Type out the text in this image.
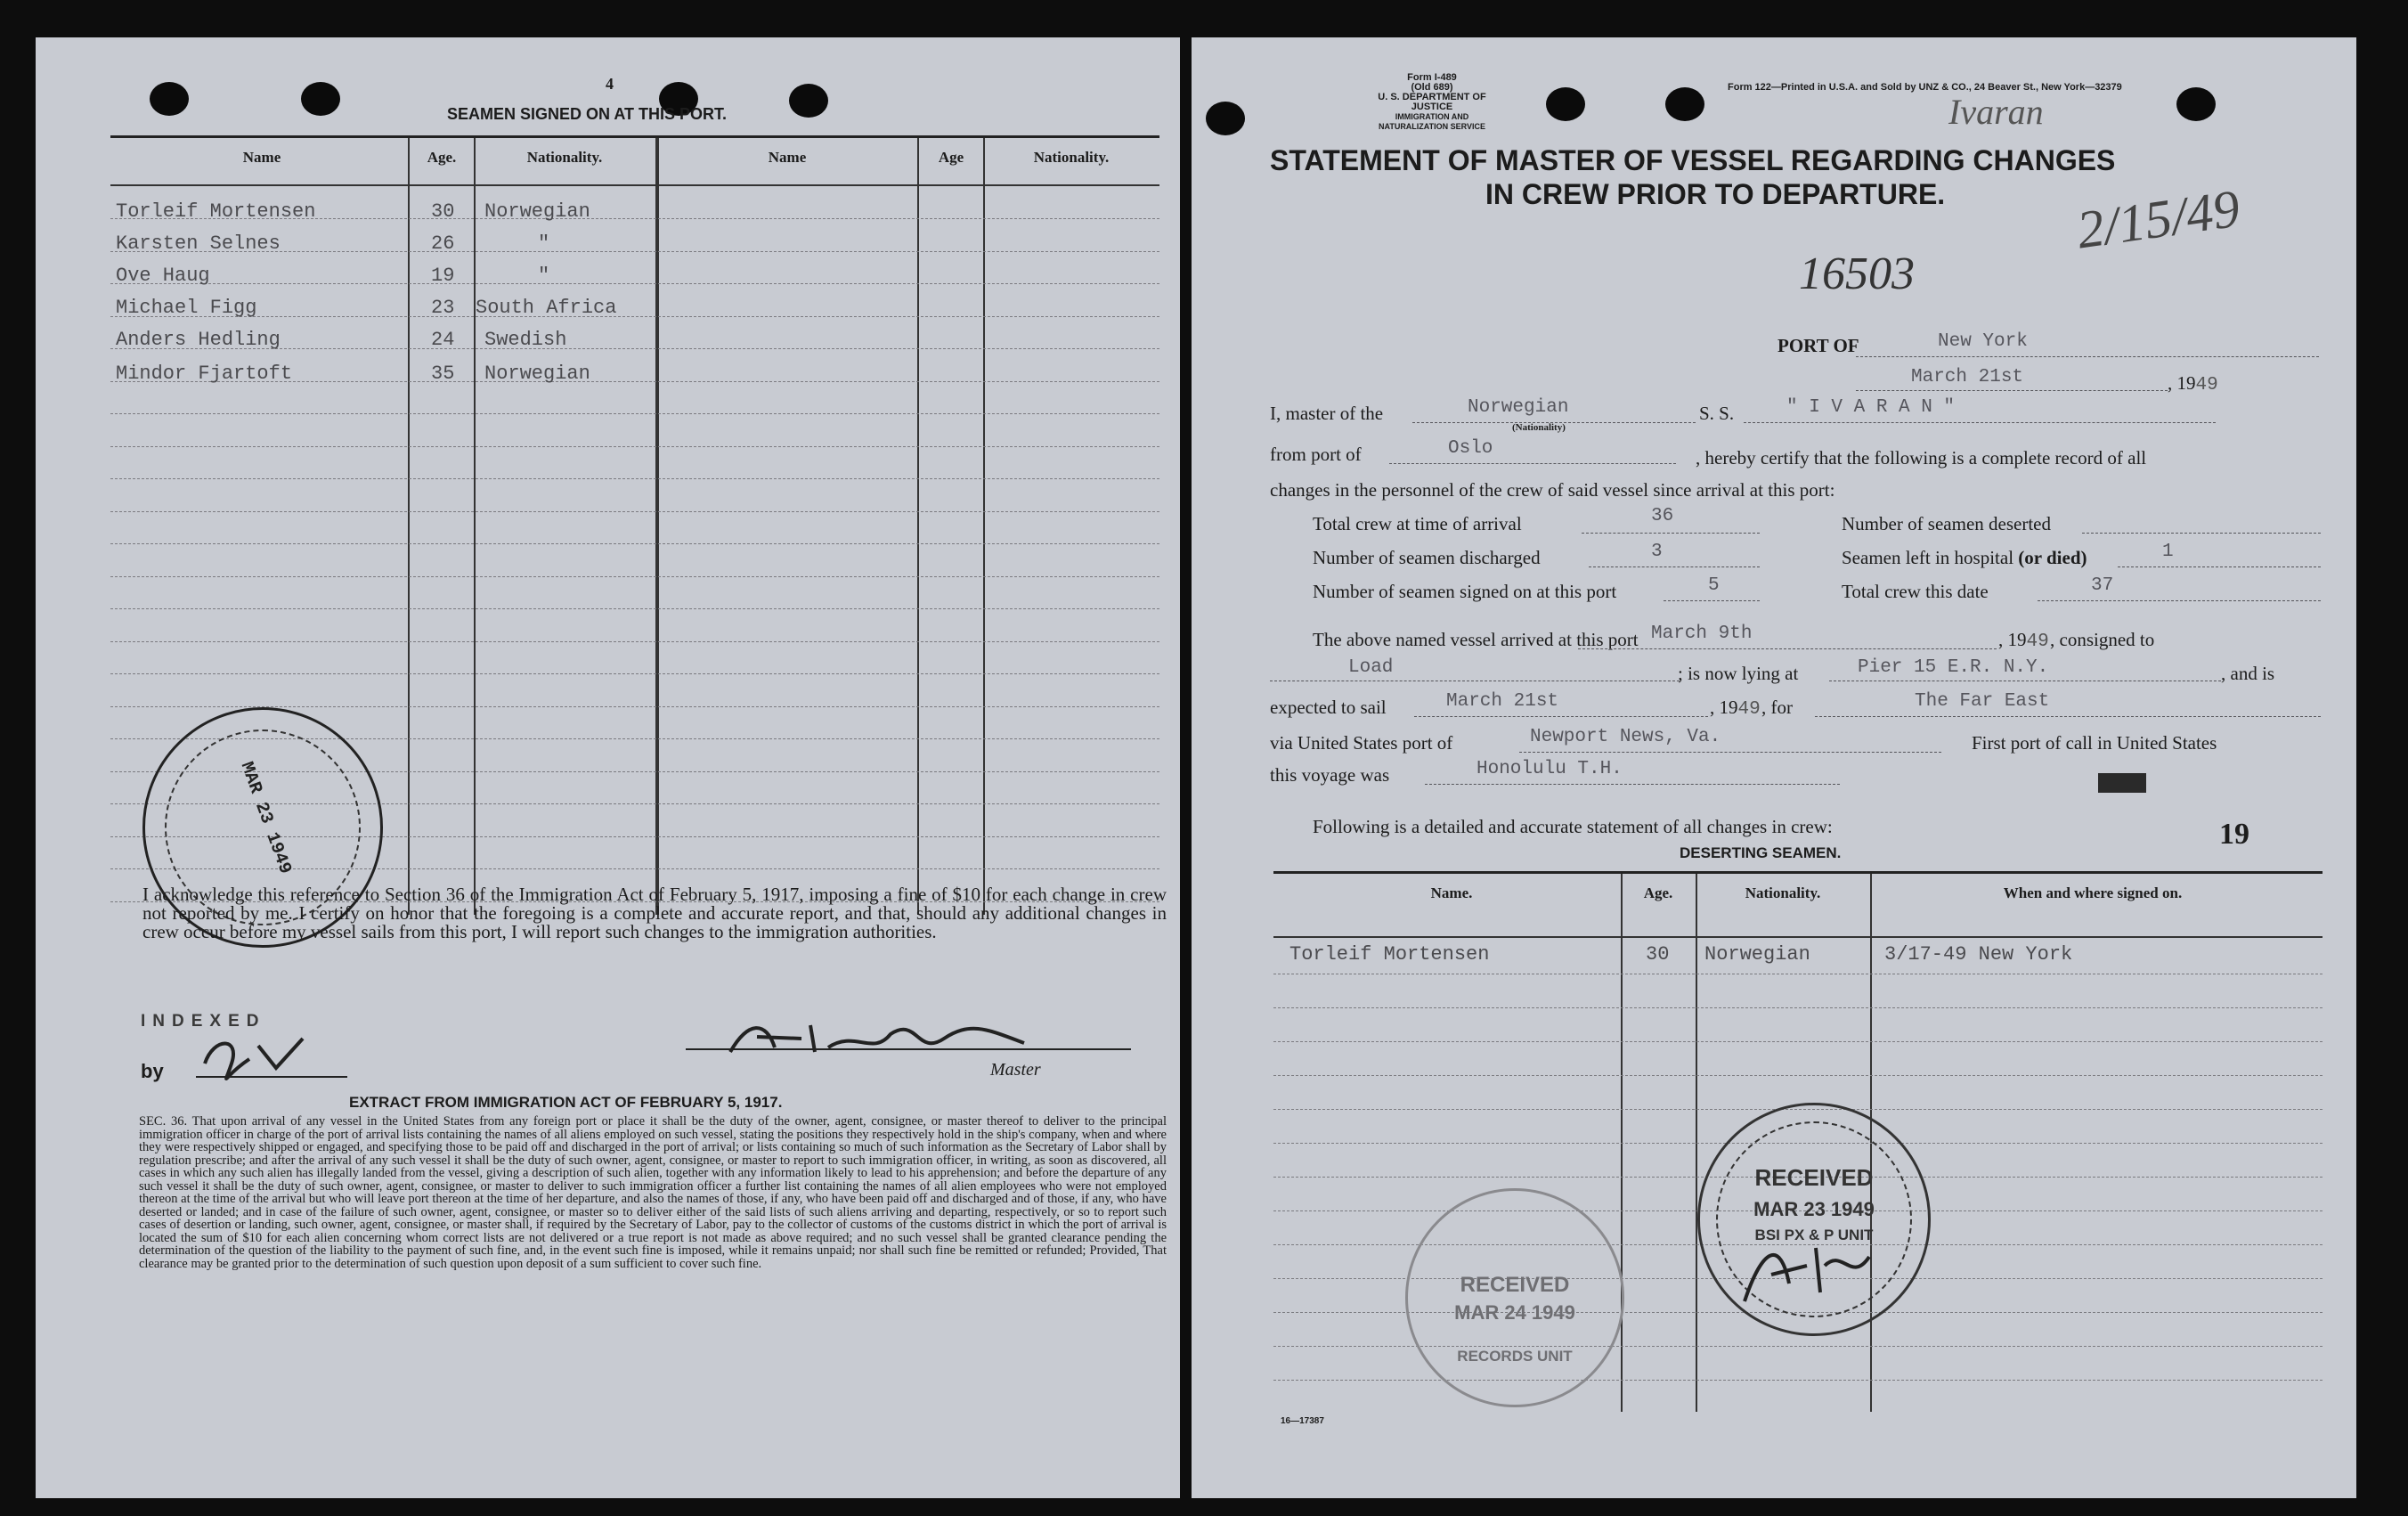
4
SEAMEN SIGNED ON AT THIS PORT.
Name	Age.	Nationality.	Name	Age	Nationality.
Torleif Mortensen	30 Norwegian
Karsten Selnes	26	"
Ove Haug	19	"
Michael Figg	23 South Africa
Anders Hedling	24 Swedish
Mindor Fjartoft	35 Norwegian
MAR 23 1949
I acknowledge this reference to Section 36 of the Immigration Act of February 5, 1917, imposing a fine of $10 for each change in crew not reported by me. I certify on honor that the foregoing is a complete and accurate report, and that, should any additional changes in crew occur before my vessel sails from this port, I will report such changes to the immigration authorities.
INDEXED
by	Master
EXTRACT FROM IMMIGRATION ACT OF FEBRUARY 5, 1917.
SEC. 36. That upon arrival of any vessel in the United States from any foreign port or place it shall be the duty of the owner, agent, consignee, or master thereof to deliver to the principal immigration officer in charge of the port of arrival lists containing the names of all aliens employed on such vessel, stating the positions they respectively hold in the ship's company, when and where they were respectively shipped or engaged, and specifying those to be paid off and discharged in the port of arrival; or lists containing so much of such information as the Secretary of Labor shall by regulation prescribe; and after the arrival of any such vessel it shall be the duty of such owner, agent, consignee, or master to report to such immigration officer, in writing, as soon as discovered, all cases in which any such alien has illegally landed from the vessel, giving a description of such alien, together with any information likely to lead to his apprehension; and before the departure of any such vessel it shall be the duty of such owner, agent, consignee, or master to deliver to such immigration officer a further list containing the names of all alien employees who were not employed thereon at the time of the arrival but who will leave port thereon at the time of her departure, and also the names of those, if any, who have been paid off and discharged and of those, if any, who have deserted or landed; and in case of the failure of such owner, agent, consignee, or master so to deliver either of the said lists of such aliens arriving and departing, respectively, or so to report such cases of desertion or landing, such owner, agent, consignee, or master shall, if required by the Secretary of Labor, pay to the collector of customs of the customs district in which the port of arrival is located the sum of $10 for each alien concerning whom correct lists are not delivered or a true report is not made as above required; and no such vessel shall be granted clearance pending the determination of the question of the liability to the payment of such fine, and, in the event such fine is imposed, while it remains unpaid; nor shall such fine be remitted or refunded; Provided, That clearance may be granted prior to the determination of such question upon deposit of a sum sufficient to cover such fine.
Form I-489
(Old 689)
U. S. DEPARTMENT OF JUSTICE
IMMIGRATION AND NATURALIZATION SERVICE
Form 122—Printed in U.S.A. and Sold by UNZ & CO., 24 Beaver St., New York—32379
Ivaran
STATEMENT OF MASTER OF VESSEL REGARDING CHANGES
IN CREW PRIOR TO DEPARTURE.
16503
2/15/49
PORT OF	New York
March 21st	, 1949
I, master of the	Norwegian
(Nationality)
S. S.	" I V A R A N "
from port of	Oslo	, hereby certify that the following is a complete record of all
changes in the personnel of the crew of said vessel since arrival at this port:
Total crew at time of arrival	36	Number of seamen deserted
Number of seamen discharged	3	Seamen left in hospital (or died)	1
Number of seamen signed on at this port	5	Total crew this date	37
The above named vessel arrived at this port March 9th	, 1949 , consigned to
Load	; is now lying at	Pier 15 E.R. N.Y.	, and is
expected to sail	March 21st	, 1949 , for	The Far East
via United States port of	Newport News, Va.	First port of call in United States
this voyage was	Honolulu T.H.
Following is a detailed and accurate statement of all changes in crew:	19
DESERTING SEAMEN.
Name.	Age.	Nationality.	When and where signed on.
Torleif Mortensen	30 Norwegian	3/17-49 New York
RECEIVED
MAR 24 1949
RECORDS UNIT
RECEIVED
MAR 23 1949
BSI PX & P UNIT
16—17387
